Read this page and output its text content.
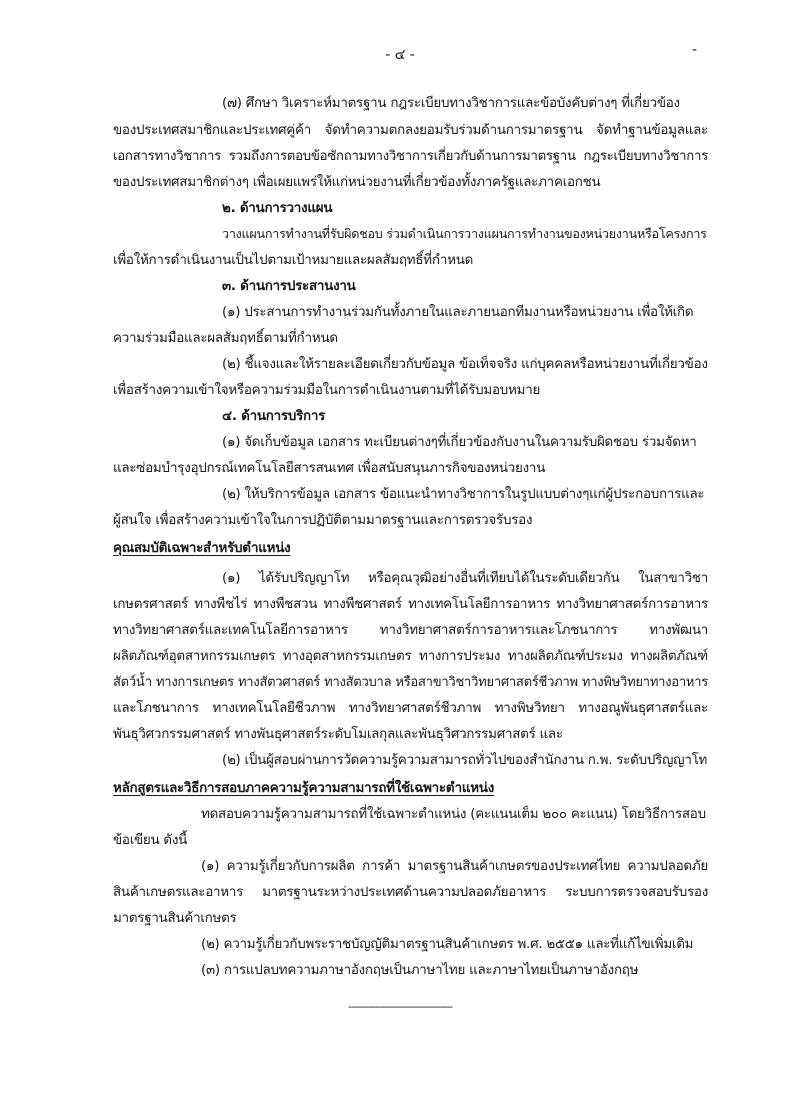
- ๔ -	-
(๗) ศึกษา วิเคราะห์มาตรฐาน กฎระเบียบทางวิชาการและข้อบังคับต่างๆ ที่เกี่ยวข้อง
ของประเทศสมาชิกและประเทศคู่ค้า จัดทำความตกลงยอมรับร่วมด้านการมาตรฐาน จัดทำฐานข้อมูลและ
เอกสารทางวิชาการ รวมถึงการตอบข้อซักถามทางวิชาการเกี่ยวกับด้านการมาตรฐาน กฎระเบียบทางวิชาการ
ของประเทศสมาชิกต่างๆ เพื่อเผยแพร่ให้แก่หน่วยงานที่เกี่ยวข้องทั้งภาครัฐและภาคเอกชน
๒. ด้านการวางแผน
วางแผนการทำงานที่รับผิดชอบ ร่วมดำเนินการวางแผนการทำงานของหน่วยงานหรือโครงการ
เพื่อให้การดำเนินงานเป็นไปตามเป้าหมายและผลสัมฤทธิ์ที่กำหนด
๓. ด้านการประสานงาน
(๑) ประสานการทำงานร่วมกันทั้งภายในและภายนอกทีมงานหรือหน่วยงาน เพื่อให้เกิด
ความร่วมมือและผลสัมฤทธิ์ตามที่กำหนด
(๒) ชี้แจงและให้รายละเอียดเกี่ยวกับข้อมูล ข้อเท็จจริง แก่บุคคลหรือหน่วยงานที่เกี่ยวข้อง
เพื่อสร้างความเข้าใจหรือความร่วมมือในการดำเนินงานตามที่ได้รับมอบหมาย
๔. ด้านการบริการ
(๑) จัดเก็บข้อมูล เอกสาร ทะเบียนต่างๆที่เกี่ยวข้องกับงานในความรับผิดชอบ ร่วมจัดหา
และซ่อมบำรุงอุปกรณ์เทคโนโลยีสารสนเทศ เพื่อสนับสนุนภารกิจของหน่วยงาน
(๒) ให้บริการข้อมูล เอกสาร ข้อแนะนำทางวิชาการในรูปแบบต่างๆแก่ผู้ประกอบการและ
ผู้สนใจ เพื่อสร้างความเข้าใจในการปฏิบัติตามมาตรฐานและการตรวจรับรอง
คุณสมบัติเฉพาะสำหรับตำแหน่ง
(๑) ได้รับปริญญาโท หรือคุณวุฒิอย่างอื่นที่เทียบได้ในระดับเดียวกัน ในสาขาวิชา
เกษตรศาสตร์ ทางพืชไร่ ทางพืชสวน ทางพืชศาสตร์ ทางเทคโนโลยีการอาหาร ทางวิทยาศาสตร์การอาหาร
ทางวิทยาศาสตร์และเทคโนโลยีการอาหาร ทางวิทยาศาสตร์การอาหารและโภชนาการ ทางพัฒนา
ผลิตภัณฑ์อุตสาหกรรมเกษตร ทางอุตสาหกรรมเกษตร ทางการประมง ทางผลิตภัณฑ์ประมง ทางผลิตภัณฑ์
สัตว์น้ำ ทางการเกษตร ทางสัตวศาสตร์ ทางสัตวบาล หรือสาขาวิชาวิทยาศาสตร์ชีวภาพ ทางพิษวิทยาทางอาหาร
และโภชนาการ ทางเทคโนโลยีชีวภาพ ทางวิทยาศาสตร์ชีวภาพ ทางพิษวิทยา ทางอณูพันธุศาสตร์และ
พันธุวิศวกรรมศาสตร์ ทางพันธุศาสตร์ระดับโมเลกุลและพันธุวิศวกรรมศาสตร์ และ
(๒) เป็นผู้สอบผ่านการวัดความรู้ความสามารถทั่วไปของสำนักงาน ก.พ. ระดับปริญญาโท
หลักสูตรและวิธีการสอบภาคความรู้ความสามารถที่ใช้เฉพาะตำแหน่ง
ทดสอบความรู้ความสามารถที่ใช้เฉพาะตำแหน่ง (คะแนนเต็ม ๒๐๐ คะแนน) โดยวิธีการสอบ
ข้อเขียน ดังนี้
(๑) ความรู้เกี่ยวกับการผลิต การค้า มาตรฐานสินค้าเกษตรของประเทศไทย ความปลอดภัย
สินค้าเกษตรและอาหาร มาตรฐานระหว่างประเทศด้านความปลอดภัยอาหาร ระบบการตรวจสอบรับรอง
มาตรฐานสินค้าเกษตร
(๒) ความรู้เกี่ยวกับพระราชบัญญัติมาตรฐานสินค้าเกษตร พ.ศ. ๒๕๕๑ และที่แก้ไขเพิ่มเติม
(๓) การแปลบทความภาษาอังกฤษเป็นภาษาไทย และภาษาไทยเป็นภาษาอังกฤษ
-----------------------------------
